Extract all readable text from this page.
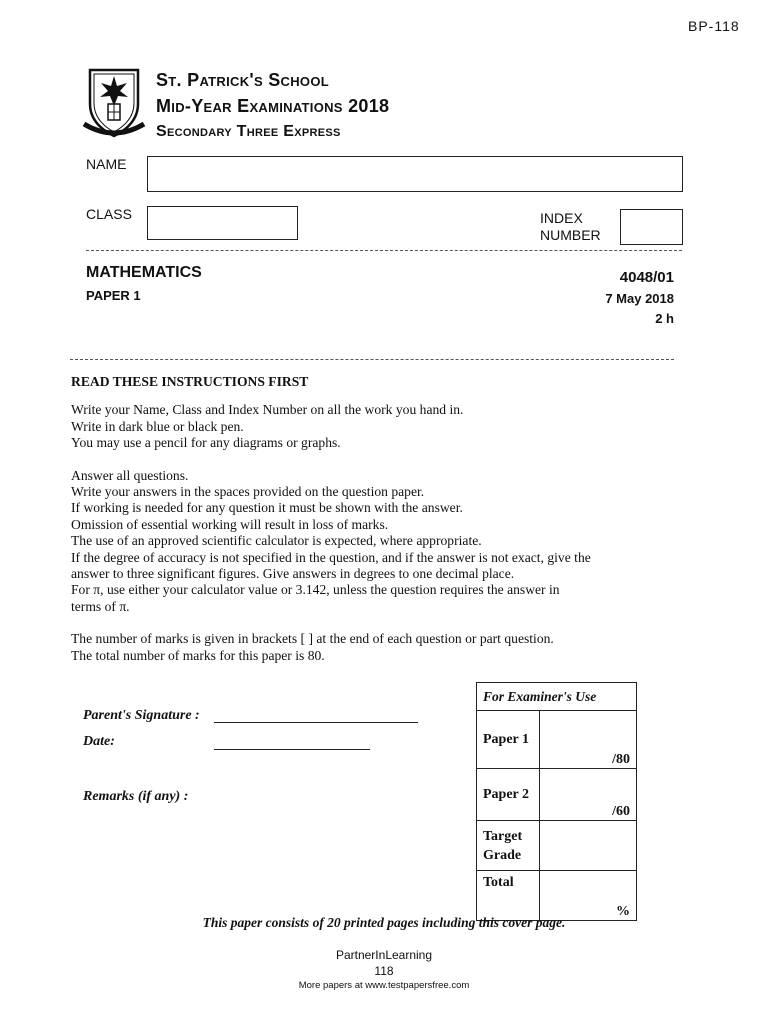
BP-118
St. Patrick's School
Mid-Year Examinations 2018
Secondary Three Express
NAME
CLASS	INDEX
NUMBER
MATHEMATICS
PAPER 1
4048/01
7 May 2018
2 h
READ THESE INSTRUCTIONS FIRST

Write your Name, Class and Index Number on all the work you hand in.

Write in dark blue or black pen.

You may use a pencil for any diagrams or graphs.

Answer all questions.

Write your answers in the spaces provided on the question paper.

If working is needed for any question it must be shown with the answer.

Omission of essential working will result in loss of marks.

The use of an approved scientific calculator is expected, where appropriate.

If the degree of accuracy is not specified in the question, and if the answer is not exact, give the

answer to three significant figures. Give answers in degrees to one decimal place.

For π, use either your calculator value or 3.142, unless the question requires the answer in

terms of π.

The number of marks is given in brackets [ ] at the end of each question or part question.

The total number of marks for this paper is 80.

Parent's Signature :
Date:
Remarks (if any) :
For Examiner's Use	
Paper 1	/80
Paper 2	/60

Target
Grade	

Total	%
This paper consists of 20 printed pages including this cover page.
PartnerInLearning
118
More papers at www.testpapersfree.com
